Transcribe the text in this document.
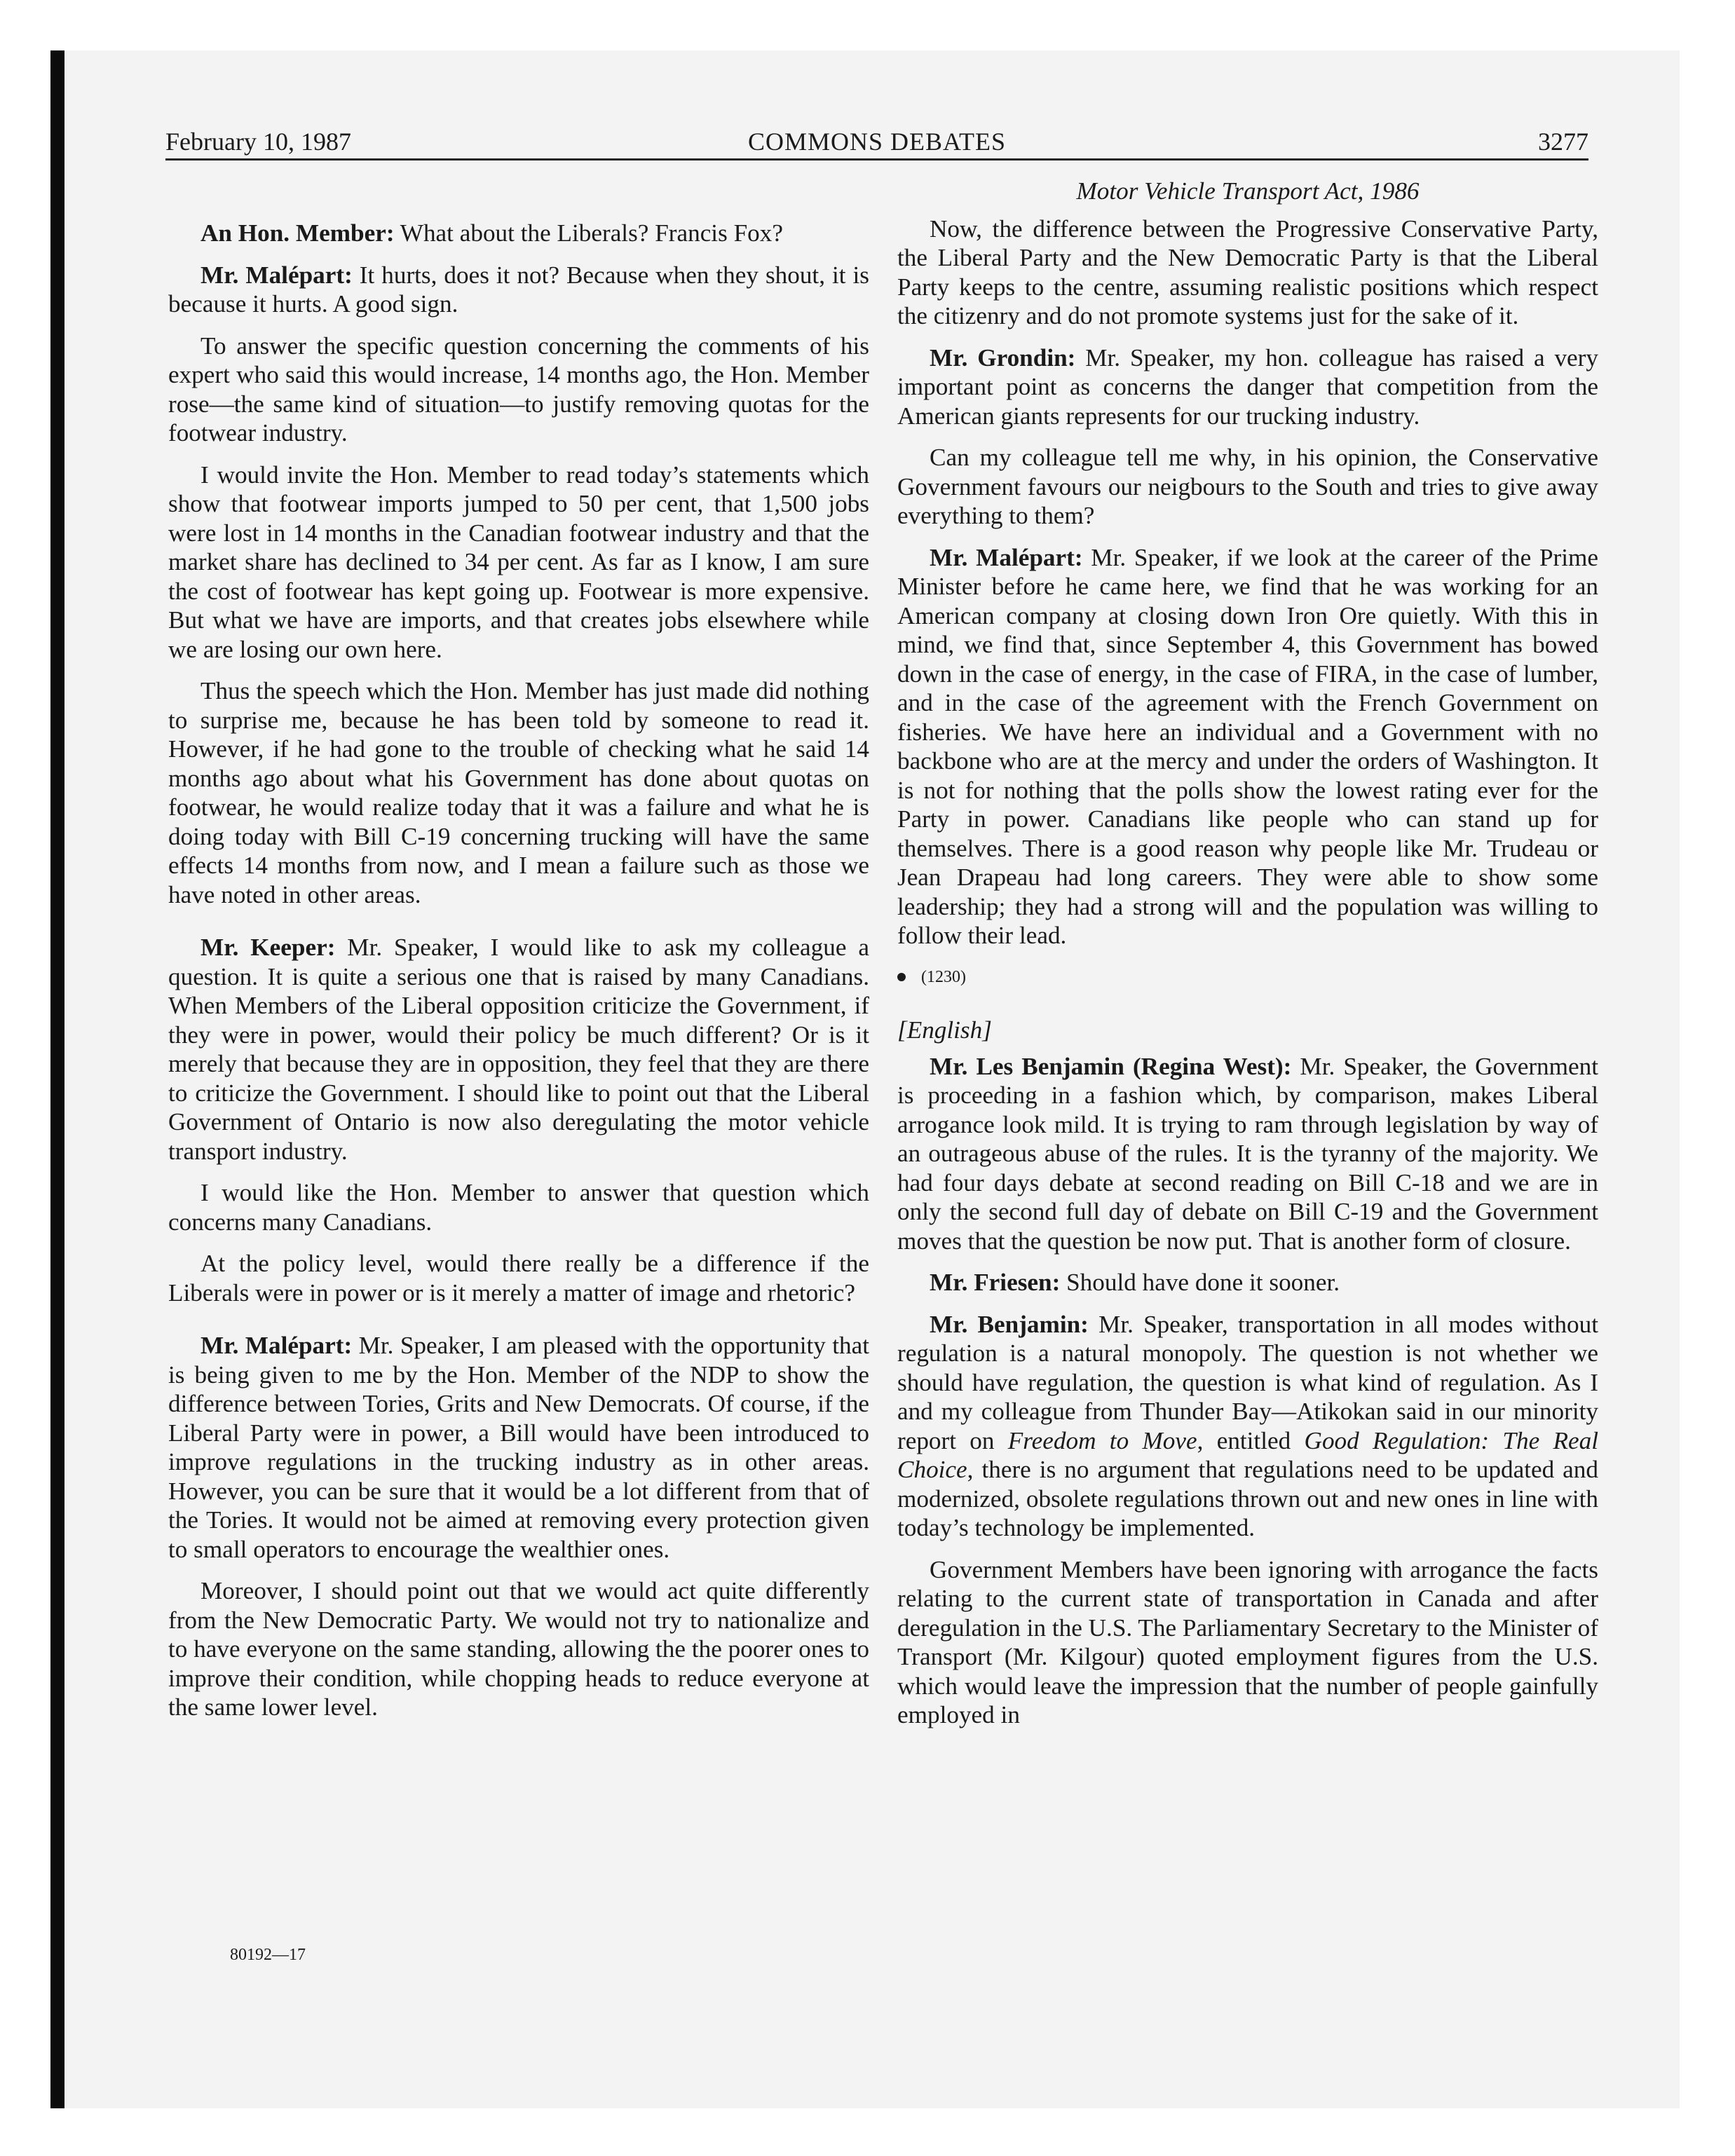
February 10, 1987	COMMONS DEBATES	3277

An Hon. Member: What about the Liberals? Francis Fox?

Mr. Malépart: It hurts, does it not? Because when they shout, it is because it hurts. A good sign.

To answer the specific question concerning the comments of his expert who said this would increase, 14 months ago, the Hon. Member rose—the same kind of situation—to justify removing quotas for the footwear industry.

I would invite the Hon. Member to read today’s statements which show that footwear imports jumped to 50 per cent, that 1,500 jobs were lost in 14 months in the Canadian footwear industry and that the market share has declined to 34 per cent. As far as I know, I am sure the cost of footwear has kept going up. Footwear is more expensive. But what we have are imports, and that creates jobs elsewhere while we are losing our own here.

Thus the speech which the Hon. Member has just made did nothing to surprise me, because he has been told by someone to read it. However, if he had gone to the trouble of checking what he said 14 months ago about what his Government has done about quotas on footwear, he would realize today that it was a failure and what he is doing today with Bill C-19 concerning trucking will have the same effects 14 months from now, and I mean a failure such as those we have noted in other areas.

Mr. Keeper: Mr. Speaker, I would like to ask my colleague a question. It is quite a serious one that is raised by many Canadians. When Members of the Liberal opposition criticize the Government, if they were in power, would their policy be much different? Or is it merely that because they are in opposition, they feel that they are there to criticize the Government. I should like to point out that the Liberal Government of Ontario is now also deregulating the motor vehicle transport industry.

I would like the Hon. Member to answer that question which concerns many Canadians.

At the policy level, would there really be a difference if the Liberals were in power or is it merely a matter of image and rhetoric?

Mr. Malépart: Mr. Speaker, I am pleased with the opportunity that is being given to me by the Hon. Member of the NDP to show the difference between Tories, Grits and New Democrats. Of course, if the Liberal Party were in power, a Bill would have been introduced to improve regulations in the trucking industry as in other areas. However, you can be sure that it would be a lot different from that of the Tories. It would not be aimed at removing every protection given to small operators to encourage the wealthier ones.

Moreover, I should point out that we would act quite differently from the New Democratic Party. We would not try to nationalize and to have everyone on the same standing, allowing the the poorer ones to improve their condition, while chopping heads to reduce everyone at the same lower level.

Motor Vehicle Transport Act, 1986

Now, the difference between the Progressive Conservative Party, the Liberal Party and the New Democratic Party is that the Liberal Party keeps to the centre, assuming realistic positions which respect the citizenry and do not promote systems just for the sake of it.

Mr. Grondin: Mr. Speaker, my hon. colleague has raised a very important point as concerns the danger that competition from the American giants represents for our trucking industry.

Can my colleague tell me why, in his opinion, the Conservative Government favours our neigbours to the South and tries to give away everything to them?

Mr. Malépart: Mr. Speaker, if we look at the career of the Prime Minister before he came here, we find that he was working for an American company at closing down Iron Ore quietly. With this in mind, we find that, since September 4, this Government has bowed down in the case of energy, in the case of FIRA, in the case of lumber, and in the case of the agreement with the French Government on fisheries. We have here an individual and a Government with no backbone who are at the mercy and under the orders of Washington. It is not for nothing that the polls show the lowest rating ever for the Party in power. Canadians like people who can stand up for themselves. There is a good reason why people like Mr. Trudeau or Jean Drapeau had long careers. They were able to show some leadership; they had a strong will and the population was willing to follow their lead.

(1230)

[English]

Mr. Les Benjamin (Regina West): Mr. Speaker, the Government is proceeding in a fashion which, by comparison, makes Liberal arrogance look mild. It is trying to ram through legislation by way of an outrageous abuse of the rules. It is the tyranny of the majority. We had four days debate at second reading on Bill C-18 and we are in only the second full day of debate on Bill C-19 and the Government moves that the question be now put. That is another form of closure.

Mr. Friesen: Should have done it sooner.

Mr. Benjamin: Mr. Speaker, transportation in all modes without regulation is a natural monopoly. The question is not whether we should have regulation, the question is what kind of regulation. As I and my colleague from Thunder Bay—Atikokan said in our minority report on Freedom to Move, entitled Good Regulation: The Real Choice, there is no argument that regulations need to be updated and modernized, obsolete regulations thrown out and new ones in line with today’s technology be implemented.

Government Members have been ignoring with arrogance the facts relating to the current state of transportation in Canada and after deregulation in the U.S. The Parliamentary Secretary to the Minister of Transport (Mr. Kilgour) quoted employment figures from the U.S. which would leave the impression that the number of people gainfully employed in

80192—17
